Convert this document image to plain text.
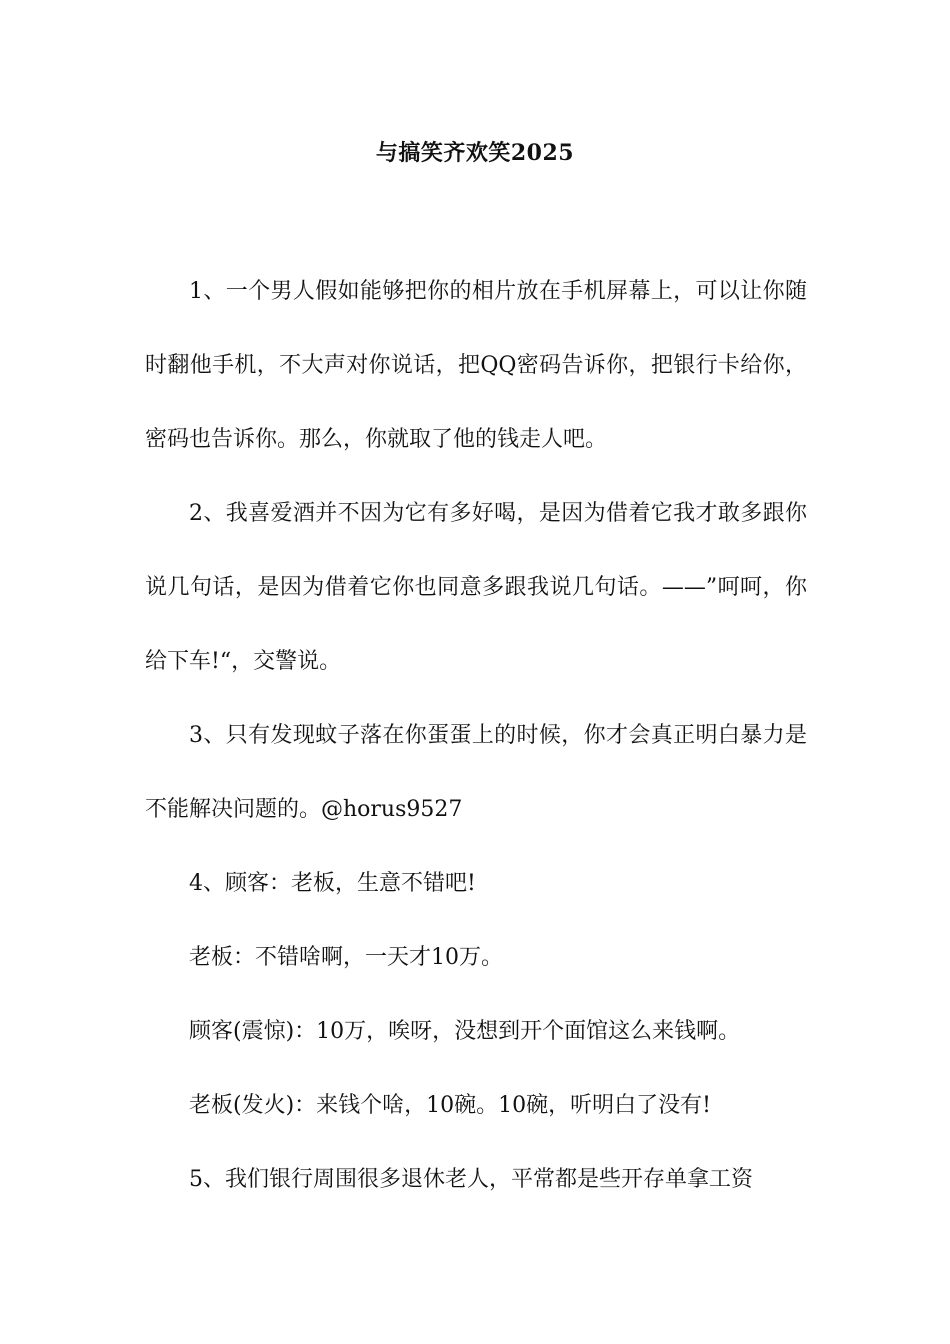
与搞笑齐欢笑2025

1、一个男人假如能够把你的相片放在手机屏幕上，可以让你随时翻他手机，不大声对你说话，把QQ密码告诉你，把银行卡给你，密码也告诉你。那么，你就取了他的钱走人吧。

2、我喜爱酒并不因为它有多好喝，是因为借着它我才敢多跟你说几句话，是因为借着它你也同意多跟我说几句话。——”呵呵，你给下车!“，交警说。

3、只有发现蚊子落在你蛋蛋上的时候，你才会真正明白暴力是不能解决问题的。@horus9527

4、顾客：老板，生意不错吧!

老板：不错啥啊，一天才10万。

顾客(震惊)：10万，唉呀，没想到开个面馆这么来钱啊。

老板(发火)：来钱个啥，10碗。10碗，听明白了没有!

5、我们银行周围很多退休老人，平常都是些开存单拿工资
